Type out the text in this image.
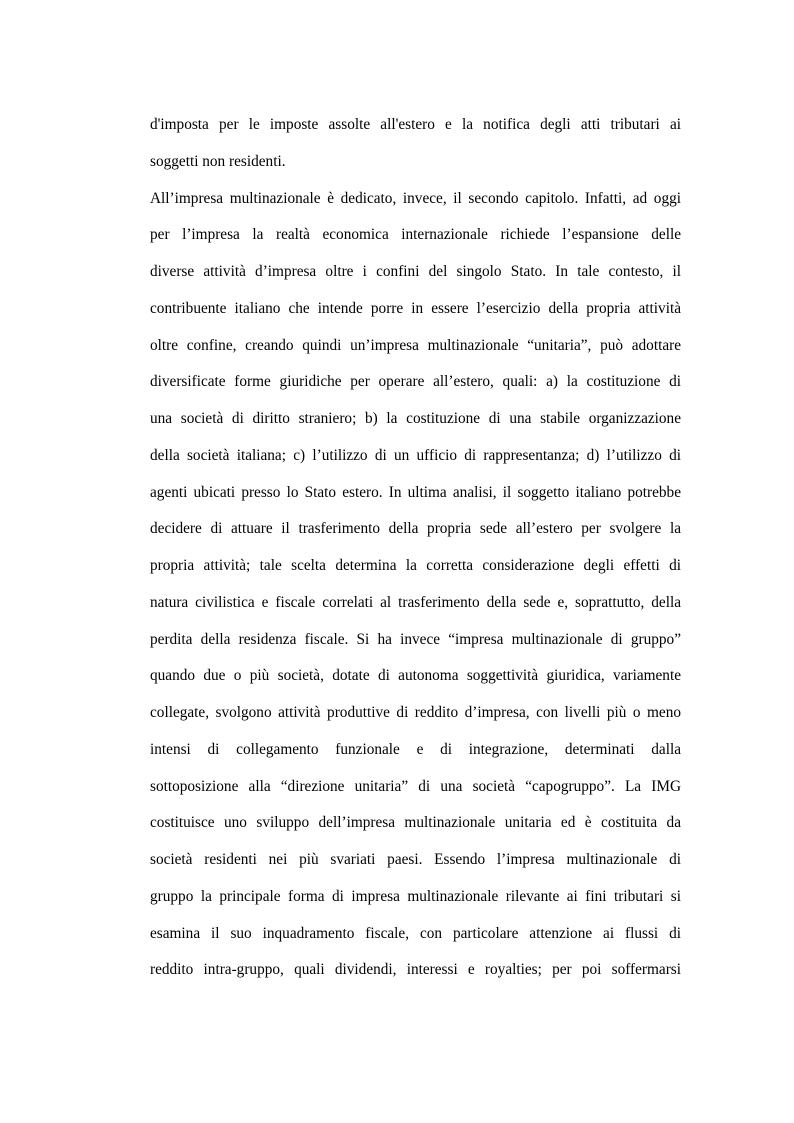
d'imposta per le imposte assolte all'estero e la notifica degli atti tributari ai
soggetti non residenti.
All’impresa multinazionale è dedicato, invece, il secondo capitolo. Infatti, ad oggi
per l’impresa la realtà economica internazionale richiede l’espansione delle
diverse attività d’impresa oltre i confini del singolo Stato. In tale contesto, il
contribuente italiano che intende porre in essere l’esercizio della propria attività
oltre confine, creando quindi un’impresa multinazionale “unitaria”, può adottare
diversificate forme giuridiche per operare all’estero, quali: a) la costituzione di
una società di diritto straniero; b) la costituzione di una stabile organizzazione
della società italiana; c) l’utilizzo di un ufficio di rappresentanza; d) l’utilizzo di
agenti ubicati presso lo Stato estero. In ultima analisi, il soggetto italiano potrebbe
decidere di attuare il trasferimento della propria sede all’estero per svolgere la
propria attività; tale scelta determina la corretta considerazione degli effetti di
natura civilistica e fiscale correlati al trasferimento della sede e, soprattutto, della
perdita della residenza fiscale. Si ha invece “impresa multinazionale di gruppo”
quando due o più società, dotate di autonoma soggettività giuridica, variamente
collegate, svolgono attività produttive di reddito d’impresa, con livelli più o meno
intensi di collegamento funzionale e di integrazione, determinati dalla
sottoposizione alla “direzione unitaria” di una società “capogruppo”. La IMG
costituisce uno sviluppo dell’impresa multinazionale unitaria ed è costituita da
società residenti nei più svariati paesi. Essendo l’impresa multinazionale di
gruppo la principale forma di impresa multinazionale rilevante ai fini tributari si
esamina il suo inquadramento fiscale, con particolare attenzione ai flussi di
reddito intra-gruppo, quali dividendi, interessi e royalties; per poi soffermarsi
